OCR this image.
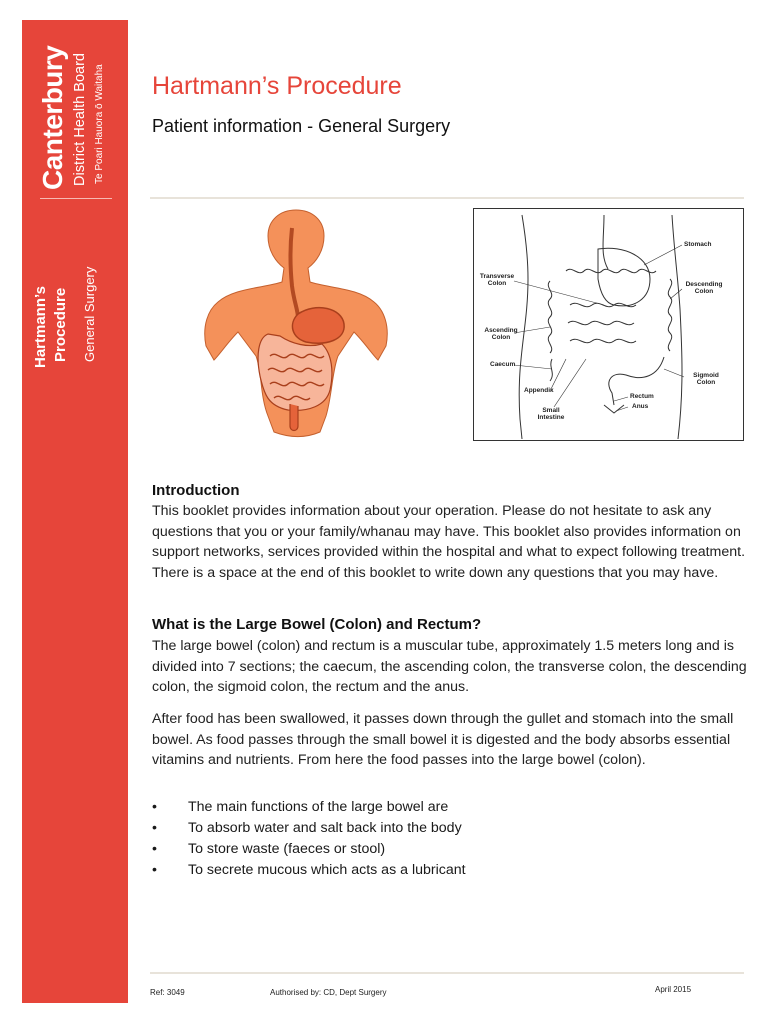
Canterbury District Health Board Te Poari Hauora ō Waitaha
Hartmann’s Procedure General Surgery
Hartmann’s Procedure
Patient information - General Surgery
Stomach
Transverse Colon	Descending Colon
Ascending Colon
Caecum
Sigmoid Colon
Appendix
Rectum
Anus
Small Intestine
Introduction
This booklet provides information about your operation. Please do not hesitate to ask any questions that you or your family/whanau may have. This booklet also provides information on support networks, services provided within the hospital and what to expect following treatment. There is a space at the end of this booklet to write down any questions that you may have.
What is the Large Bowel (Colon) and Rectum?
The large bowel (colon) and rectum is a muscular tube, approximately 1.5 meters long and is divided into 7 sections; the caecum, the ascending colon, the transverse colon, the descending colon, the sigmoid colon, the rectum and the anus.
After food has been swallowed, it passes down through the gullet and stomach into the small bowel. As food passes through the small bowel it is digested and the body absorbs essential vitamins and nutrients. From here the food passes into the large bowel (colon).
• The main functions of the large bowel are
• To absorb water and salt back into the body
• To store waste (faeces or stool)
• To secrete mucous which acts as a lubricant
Ref: 3049	Authorised by: CD, Dept Surgery	April 2015
